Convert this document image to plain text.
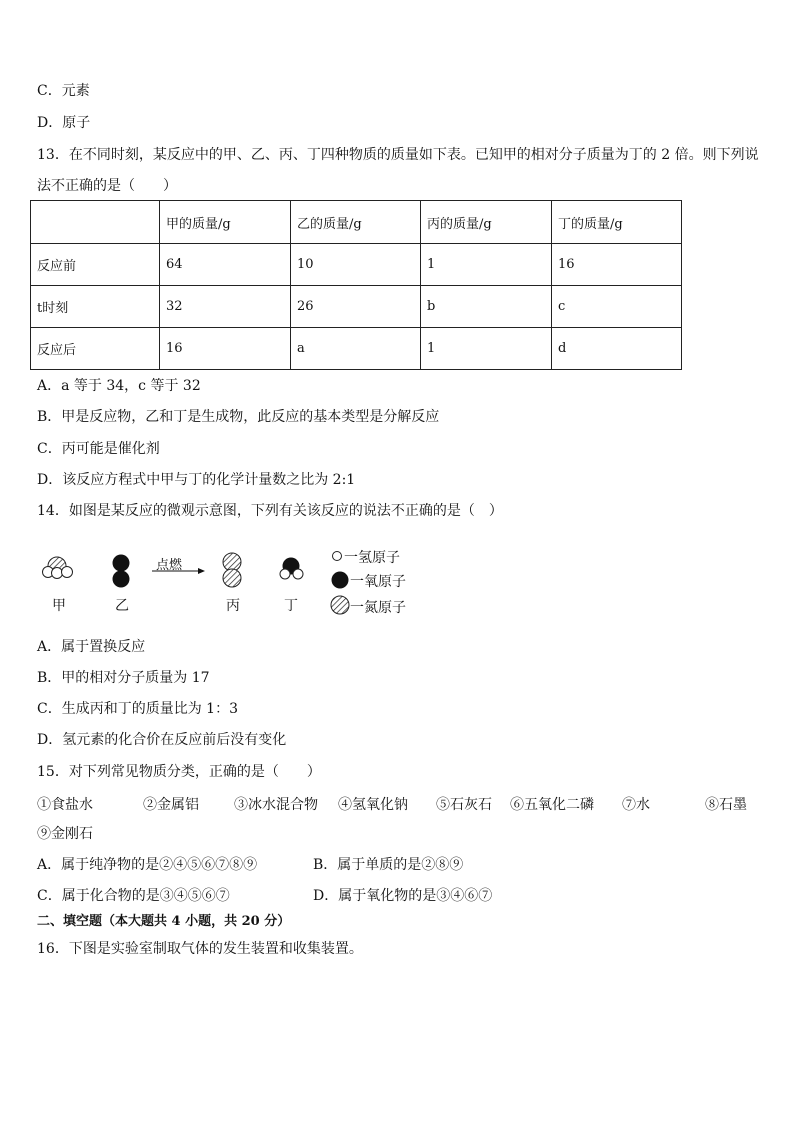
C．元素
D．原子
13．在不同时刻，某反应中的甲、乙、丙、丁四种物质的质量如下表。已知甲的相对分子质量为丁的 2 倍。则下列说
法不正确的是（　　）
	甲的质量/g	乙的质量/g	丙的质量/g	丁的质量/g
反应前	64	10	1	16
t时刻	32	26	b	c
反应后	16	a	1	d
A．a 等于 34，c 等于 32
B．甲是反应物，乙和丁是生成物，此反应的基本类型是分解反应
C．丙可能是催化剂
D．该反应方程式中甲与丁的化学计量数之比为 2:1
14．如图是某反应的微观示意图，下列有关该反应的说法不正确的是（　）
点燃
甲	乙	丙	丁
一氢原子
一氧原子
一氮原子
A．属于置换反应
B．甲的相对分子质量为 17
C．生成丙和丁的质量比为 1：3
D．氢元素的化合价在反应前后没有变化
15．对下列常见物质分类，正确的是（　　）
①食盐水	②金属铝	③冰水混合物 ④氢氧化钠 ⑤石灰石 ⑥五氧化二磷 ⑦水	⑧石墨
⑨金刚石
A．属于纯净物的是②④⑤⑥⑦⑧⑨	B．属于单质的是②⑧⑨
C．属于化合物的是③④⑤⑥⑦	D．属于氧化物的是③④⑥⑦
二、填空题（本大题共 4 小题，共 20 分）
16．下图是实验室制取气体的发生装置和收集装置。
